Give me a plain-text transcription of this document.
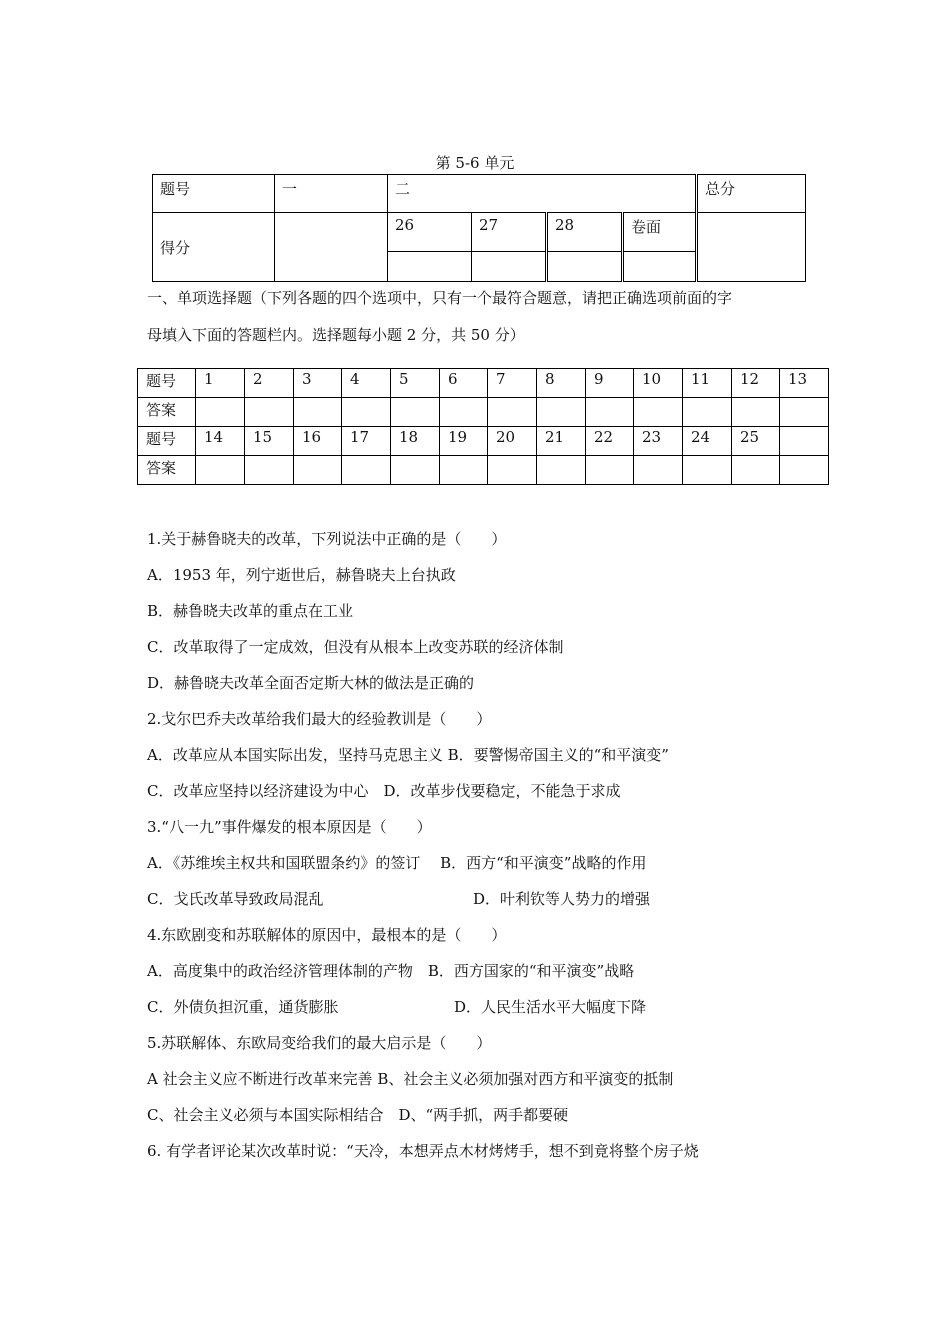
第 5-6 单元
题号	一	二				总分
得分		26	27	28	卷面	

一、单项选择题（下列各题的四个选项中，只有一个最符合题意，请把正确选项前面的字
母填入下面的答题栏内。选择题每小题 2 分，共 50 分）
题号	1	2	3	4	5	6	7	8	9	10	11	12	13
答案													
题号	14	15	16	17	18	19	20	21	22	23	24	25	
答案													
1.关于赫鲁晓夫的改革，下列说法中正确的是（　　）
A．1953 年，列宁逝世后，赫鲁晓夫上台执政
B．赫鲁晓夫改革的重点在工业
C．改革取得了一定成效，但没有从根本上改变苏联的经济体制
D．赫鲁晓夫改革全面否定斯大林的做法是正确的
2.戈尔巴乔夫改革给我们最大的经验教训是（　　）
A．改革应从本国实际出发，坚持马克思主义 B．要警惕帝国主义的“和平演变”
C．改革应坚持以经济建设为中心　D．改革步伐要稳定，不能急于求成
3.“八一九”事件爆发的根本原因是（　　）
A．《苏维埃主权共和国联盟条约》的签订　 B．西方“和平演变”战略的作用
C．戈氏改革导致政局混乱	D．叶利钦等人势力的增强
4.东欧剧变和苏联解体的原因中，最根本的是（　　）
A．高度集中的政治经济管理体制的产物　B．西方国家的“和平演变”战略
C．外债负担沉重，通货膨胀	D．人民生活水平大幅度下降
5.苏联解体、东欧局变给我们的最大启示是（　　）
A 社会主义应不断进行改革来完善 B、社会主义必须加强对西方和平演变的抵制
C、社会主义必须与本国实际相结合　D、“两手抓，两手都要硬
6. 有学者评论某次改革时说：“天冷，本想弄点木材烤烤手，想不到竟将整个房子烧
